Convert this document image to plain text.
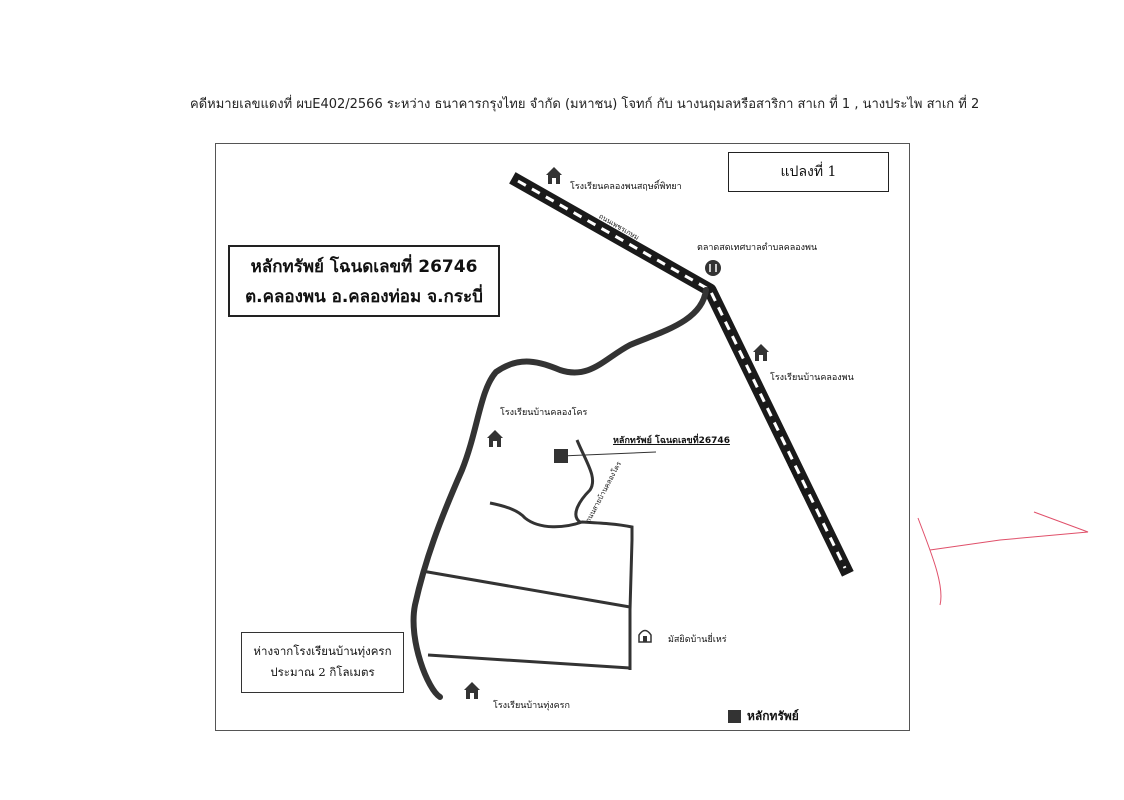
คดีหมายเลขแดงที่ ผบE402/2566 ระหว่าง ธนาคารกรุงไทย จำกัด (มหาชน) โจทก์ กับ นางนฤมลหรือสาริกา สาเก ที่ 1 , นางประไพ สาเก ที่ 2
แปลงที่ 1
หลักทรัพย์ โฉนดเลขที่ 26746
ต.คลองพน อ.คลองท่อม จ.กระบี่
ห่างจากโรงเรียนบ้านทุ่งครก
ประมาณ 2 กิโลเมตร
โรงเรียนคลองพนสฤษดิ์พิทยา
ตลาดสดเทศบาลตำบลคลองพน
โรงเรียนบ้านคลองพน
โรงเรียนบ้านคลองโคร
มัสยิดบ้านยี่เหร่
โรงเรียนบ้านทุ่งครก
ถนนเพชรเกษม
ถนนเพชรเกษม
ถนนสายบ้านคลองโคร
หลักทรัพย์ โฉนดเลขที่26746
หลักทรัพย์
